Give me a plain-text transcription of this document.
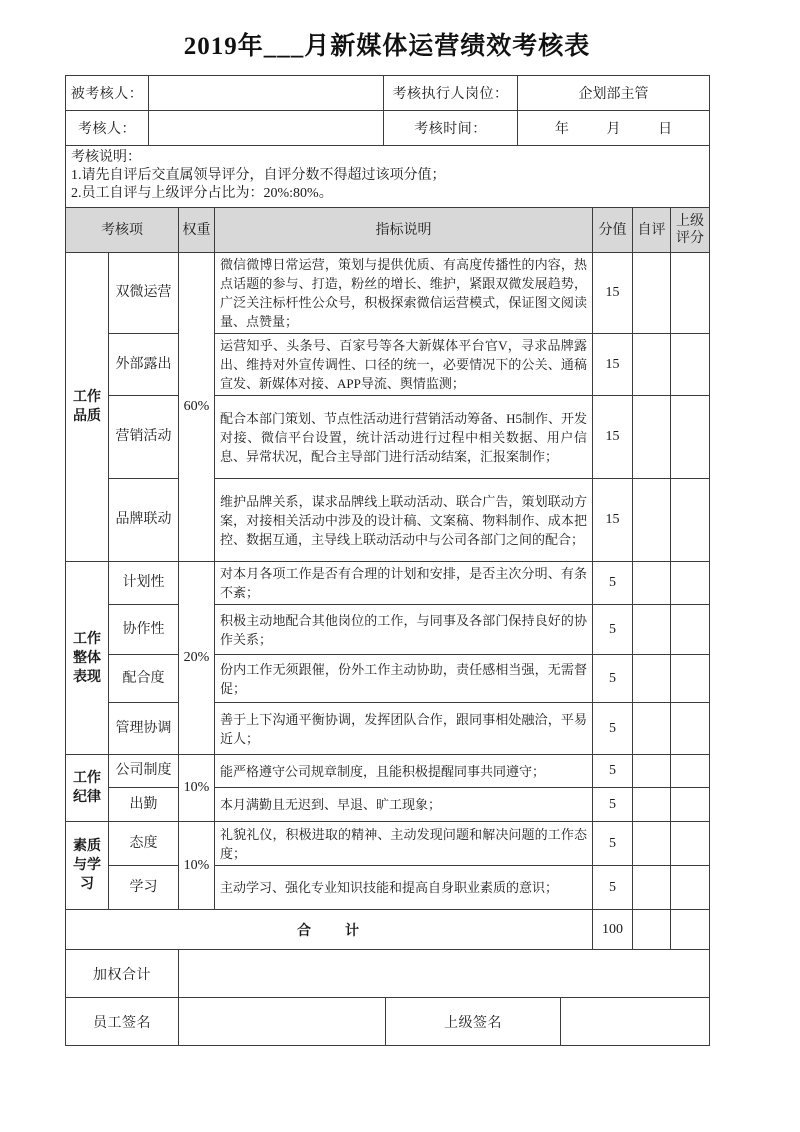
2019年___月新媒体运营绩效考核表
被考核人：		考核执行人岗位：	企划部主管
考核人：		考核时间：	年 月 日

考核说明：
1.请先自评后交直属领导评分，自评分数不得超过该项分值；
2.员工自评与上级评分占比为：20%:80%。			
考核项		权重	指标说明	分值	自评	上级评分
工作品质	双微运营	60%	微信微博日常运营，策划与提供优质、有高度传播性的内容，热点话题的参与、打造，粉丝的增长、维护，紧跟双微发展趋势，广泛关注标杆性公众号，积极探索微信运营模式，保证图文阅读量、点赞量；	15		
	外部露出		运营知乎、头条号、百家号等各大新媒体平台官V，寻求品牌露出、维持对外宣传调性、口径的统一，必要情况下的公关、通稿宣发、新媒体对接、APP导流、舆情监测；	15		
	营销活动		配合本部门策划、节点性活动进行营销活动筹备、H5制作、开发对接、微信平台设置，统计活动进行过程中相关数据、用户信息、异常状况，配合主导部门进行活动结案，汇报案制作；	15		
	品牌联动		维护品牌关系，谋求品牌线上联动活动、联合广告，策划联动方案，对接相关活动中涉及的设计稿、文案稿、物料制作、成本把控、数据互通，主导线上联动活动中与公司各部门之间的配合；	15		
工作整体表现	计划性	20%	对本月各项工作是否有合理的计划和安排，是否主次分明、有条不紊；	5		
	协作性		积极主动地配合其他岗位的工作，与同事及各部门保持良好的协作关系；	5		
	配合度		份内工作无须跟催，份外工作主动协助，责任感相当强，无需督促；	5		
	管理协调		善于上下沟通平衡协调，发挥团队合作，跟同事相处融洽，平易近人；	5		
工作纪律	公司制度	10%	能严格遵守公司规章制度，且能积极提醒同事共同遵守；	5		
	出勤		本月满勤且无迟到、早退、旷工现象；	5		
素质与学习	态度	10%	礼貌礼仪，积极进取的精神、主动发现问题和解决问题的工作态度；	5		
	学习		主动学习、强化专业知识技能和提高自身职业素质的意识；	5		
合　　计				100		
加权合计			
员工签名		上级签名	
